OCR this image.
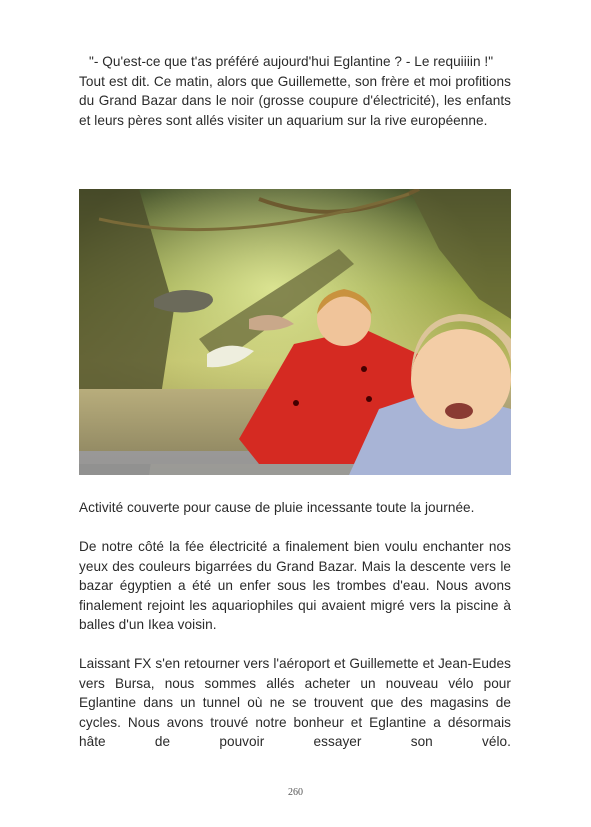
"- Qu'est-ce que t'as préféré aujourd'hui Eglantine ? - Le requiiiin !"

Tout est dit. Ce matin, alors que Guillemette, son frère et moi profitions du Grand Bazar dans le noir (grosse coupure d'électricité), les enfants et leurs pères sont allés visiter un aquarium sur la rive européenne.

Activité couverte pour cause de pluie incessante toute la journée.

De notre côté la fée électricité a finalement bien voulu enchanter nos yeux des couleurs bigarrées du Grand Bazar. Mais la descente vers le bazar égyptien a été un enfer sous les trombes d'eau. Nous avons finalement rejoint les aquariophiles qui avaient migré vers la piscine à balles d'un Ikea voisin.

Laissant FX s'en retourner vers l'aéroport et Guillemette et Jean-Eudes vers Bursa, nous sommes allés acheter un nouveau vélo pour Eglantine dans un tunnel où ne se trouvent que des magasins de cycles. Nous avons trouvé notre bonheur et Eglantine a désormais hâte de pouvoir essayer son vélo.

260
